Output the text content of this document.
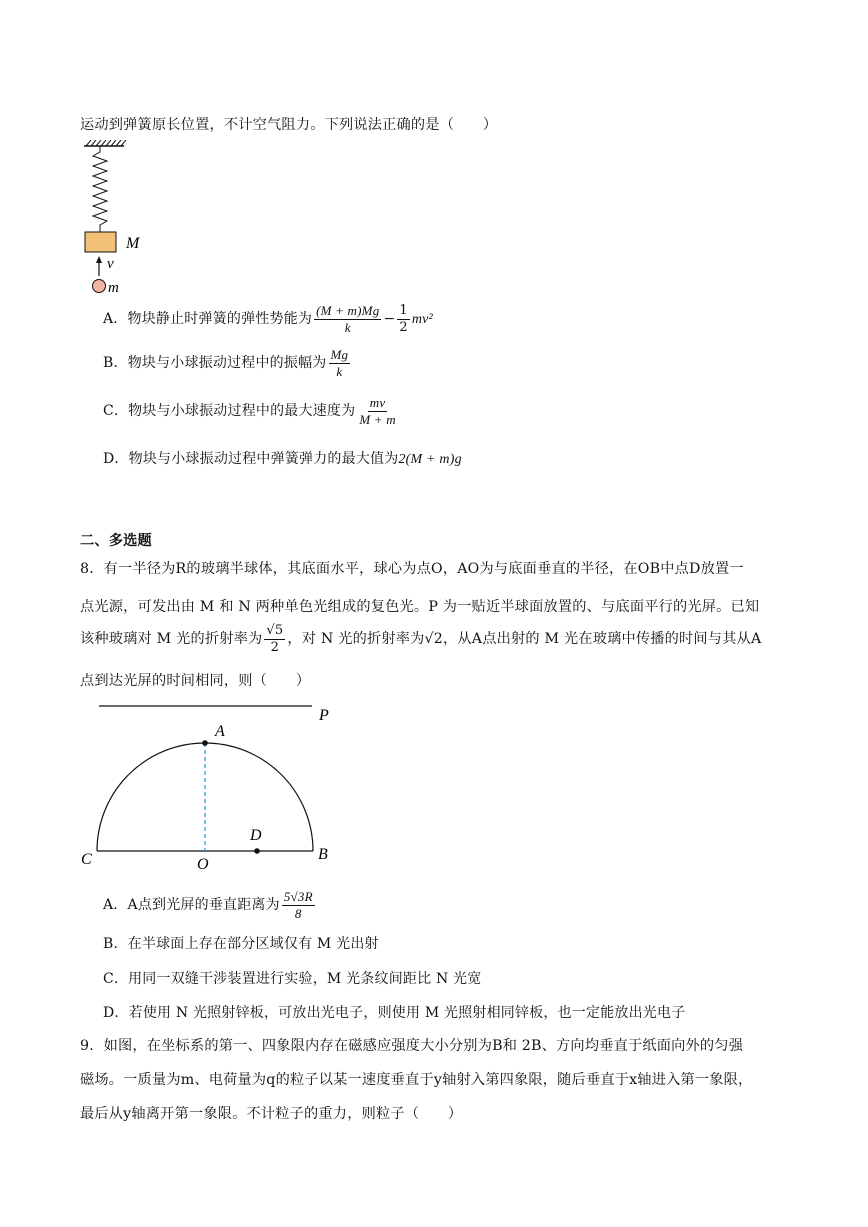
运动到弹簧原长位置，不计空气阻力。下列说法正确的是（　　）
M
v
m
A．物块静止时弹簧的弹性势能为 $\frac{(M + m)Mg}{k} - \frac{1}{2} mv^2$
B．物块与小球振动过程中的振幅为 $\frac{Mg}{k}$
C．物块与小球振动过程中的最大速度为 $\frac{mv}{M + m}$
D．物块与小球振动过程中弹簧弹力的最大值为2(M + m)g
二、多选题
8．有一半径为R的玻璃半球体，其底面水平，球心为点O，AO为与底面垂直的半径，在OB中点D放置一
点光源，可发出由 M 和 N 两种单色光组成的复色光。P 为一贴近半球面放置的、与底面平行的光屏。已知
该种玻璃对 M 光的折射率为 $\frac{√5}{2}$ ，对 N 光的折射率为√2，从A点出射的 M 光在玻璃中传播的时间与其从A
点到达光屏的时间相同，则（　　）
P
A
D
C	O
B
A．A点到光屏的垂直距离为 $\frac{5√3R}{8}$
B．在半球面上存在部分区域仅有 M 光出射
C．用同一双缝干涉装置进行实验，M 光条纹间距比 N 光宽
D．若使用 N 光照射锌板，可放出光电子，则使用 M 光照射相同锌板，也一定能放出光电子
9．如图，在坐标系的第一、四象限内存在磁感应强度大小分别为B和 2B、方向均垂直于纸面向外的匀强
磁场。一质量为m、电荷量为q的粒子以某一速度垂直于y轴射入第四象限，随后垂直于x轴进入第一象限，
最后从y轴离开第一象限。不计粒子的重力，则粒子（　　）
